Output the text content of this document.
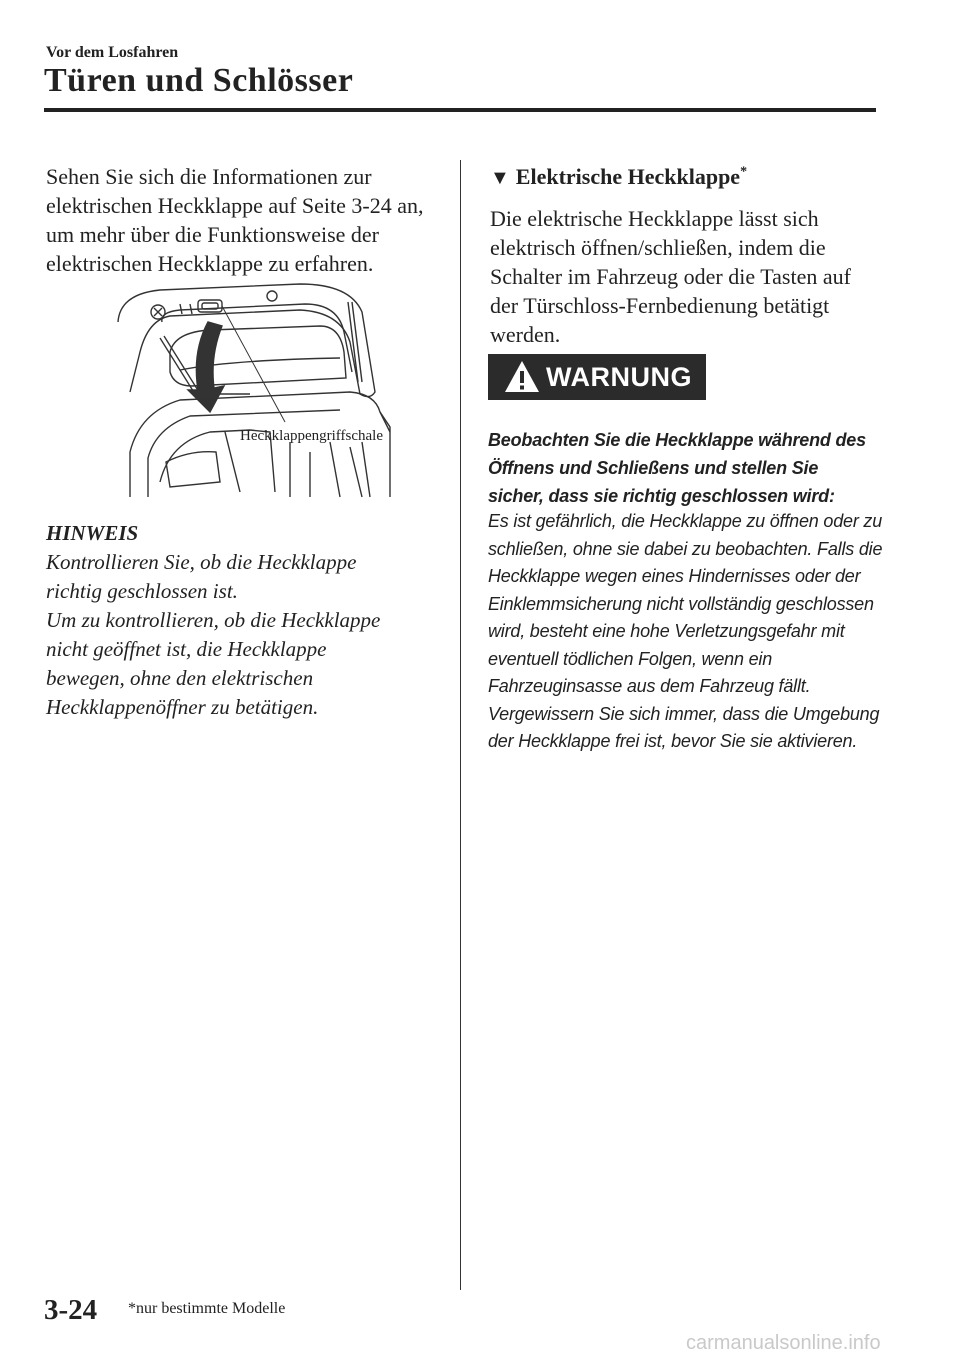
Vor dem Losfahren
Türen und Schlösser
Sehen Sie sich die Informationen zur elektrischen Heckklappe auf Seite 3-24 an, um mehr über die Funktionsweise der elektrischen Heckklappe zu erfahren.
Heckklappengriffschale
HINWEIS
Kontrollieren Sie, ob die Heckklappe
richtig geschlossen ist.
Um zu kontrollieren, ob die Heckklappe
nicht geöffnet ist, die Heckklappe
bewegen, ohne den elektrischen
Heckklappenöffner zu betätigen.
▼ Elektrische Heckklappe*
Die elektrische Heckklappe lässt sich elektrisch öffnen/schließen, indem die Schalter im Fahrzeug oder die Tasten auf der Türschloss-Fernbedienung betätigt werden.
WARNUNG
Beobachten Sie die Heckklappe während des Öffnens und Schließens und stellen Sie sicher, dass sie richtig geschlossen wird:
Es ist gefährlich, die Heckklappe zu öffnen oder zu schließen, ohne sie dabei zu beobachten. Falls die Heckklappe wegen eines Hindernisses oder der Einklemmsicherung nicht vollständig geschlossen wird, besteht eine hohe Verletzungsgefahr mit eventuell tödlichen Folgen, wenn ein Fahrzeuginsasse aus dem Fahrzeug fällt.
Vergewissern Sie sich immer, dass die Umgebung der Heckklappe frei ist, bevor Sie sie aktivieren.
3-24 *nur bestimmte Modelle
carmanualsonline.info
